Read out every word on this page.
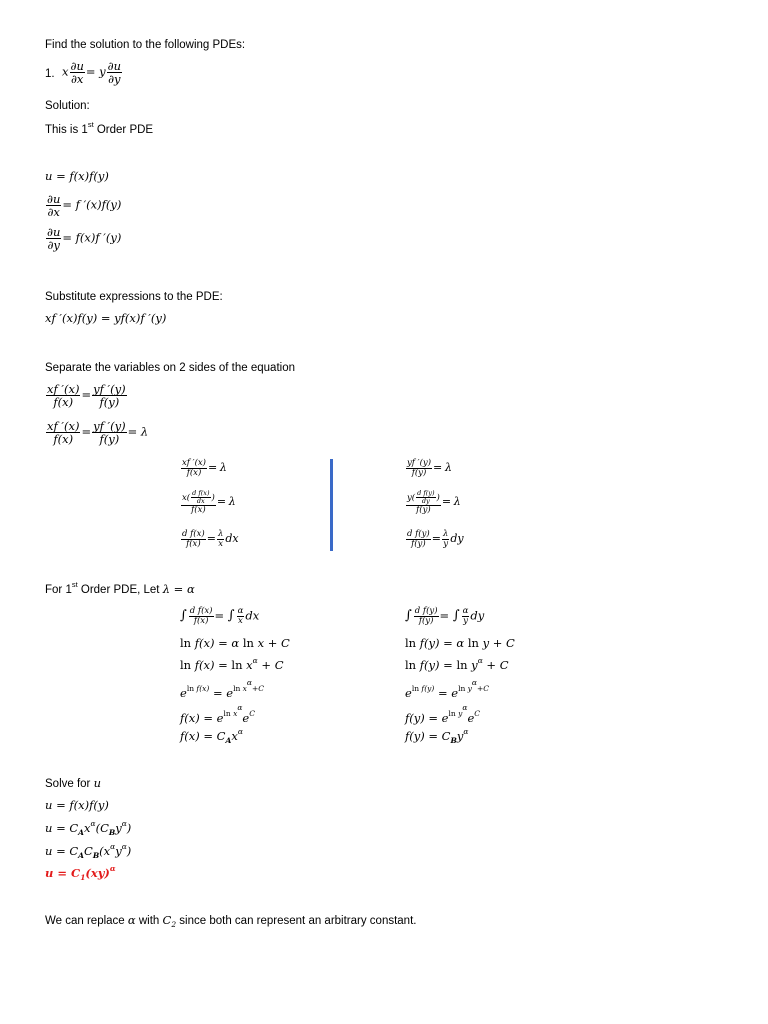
Find the solution to the following PDEs:
1. x $\frac{\partial u}{\partial x} = y \frac{\partial u}{\partial y}$
Solution:
This is 1st Order PDE
u = f(x)f(y)
$\frac{\partial u}{\partial x} = f$ ′(x)f(y)
$\frac{\partial u}{\partial y} = f(x)f$ ′(y)
Substitute expressions to the PDE:
xf ′(x)f(y) = yf(x)f ′(y)
Separate the variables on 2 sides of the equation
$\frac{xf '(x)}{f(x)} = \frac{yf '(y)}{f(y)}$
$\frac{xf '(x)}{f(x)} = \frac{yf '(y)}{f(y)} = \lambda$
$\frac{xf '(x)}{f(x)} = \lambda$
$\frac{x( \frac{\text{d f(x)}}{dx} )}{f(x)} = \lambda$
$\frac{\text{d f(x)}}{f(x)} = \frac{\lambda}{x}$ dx
$\frac{yf '(y)}{f(y)} = \lambda$
$\frac{y( \frac{\text{d f(y)}}{dy} )}{f(y)} = \lambda$
$\frac{\text{d f(y)}}{f(y)} = \frac{\lambda}{y}$ dy
For 1st Order PDE, Let λ = α
∫ $\frac{\text{d f(x)}}{f(x)}$ = ∫ $\frac{\alpha}{x}$ dx
ln f(x) = α ln x + C
$\ln f(x) = \ln x^\alpha + C$
$e^{ln f(x)} = e^{ln x^\alpha+C}$
$f(x) = e^{ln x^\alpha}e^C$
$f(x) = C_Ax^\alpha$
∫ $\frac{\text{d f(y)}}{f(y)}$ = ∫ $\frac{\alpha}{y}$ dy
ln f(y) = α ln y + C
$\ln f(y) = \ln y^\alpha + C$
$e^{ln f(y)} = e^{ln y^\alpha+C}$
$f(y) = e^{ln y^\alpha}e^C$
$f(y) = C_By^\alpha$
Solve for u
u = f(x)f(y)
$u = C_Ax^\alpha(C_By^\alpha)$
$u = C_AC_B(x^\alpha y^\alpha)$
$u = C_1(xy)^\alpha$
We can replace α with $C_2$ since both can represent an arbitrary constant.
